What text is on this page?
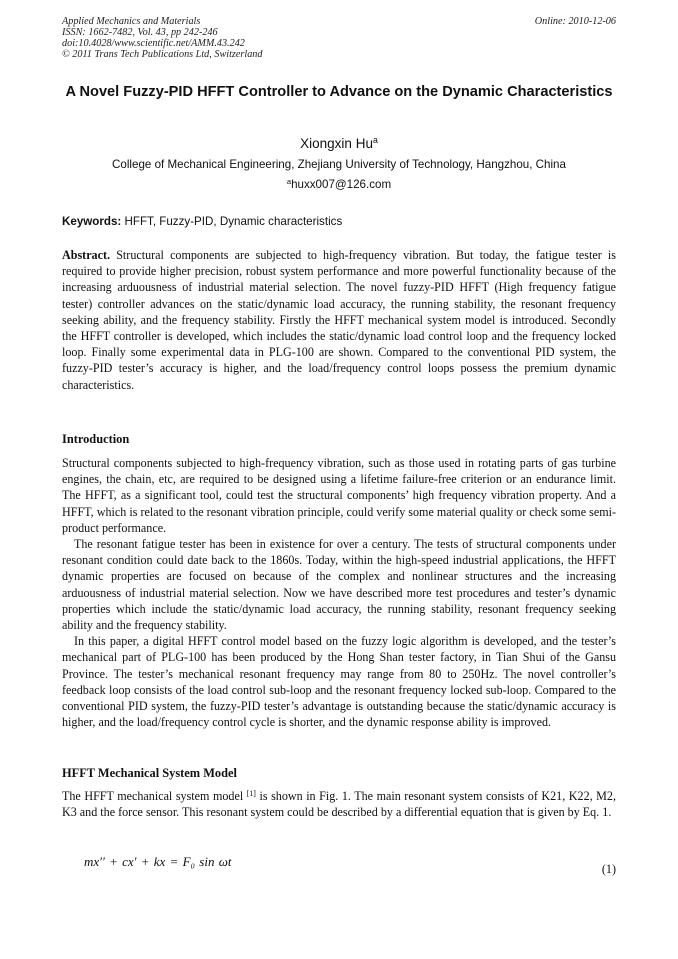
Applied Mechanics and Materials
ISSN: 1662-7482, Vol. 43, pp 242-246
doi:10.4028/www.scientific.net/AMM.43.242
© 2011 Trans Tech Publications Ltd, Switzerland
Online: 2010-12-06
A Novel Fuzzy-PID HFFT Controller to Advance on the Dynamic Characteristics
Xiongxin Hu$^a$
College of Mechanical Engineering, Zhejiang University of Technology, Hangzhou, China
$^a$huxx007@126.com
Keywords: HFFT, Fuzzy-PID, Dynamic characteristics
Abstract. Structural components are subjected to high-frequency vibration. But today, the fatigue tester is required to provide higher precision, robust system performance and more powerful functionality because of the increasing arduousness of industrial material selection. The novel fuzzy-PID HFFT (High frequency fatigue tester) controller advances on the static/dynamic load accuracy, the running stability, the resonant frequency seeking ability, and the frequency stability. Firstly the HFFT mechanical system model is introduced. Secondly the HFFT controller is developed, which includes the static/dynamic load control loop and the frequency locked loop. Finally some experimental data in PLG-100 are shown. Compared to the conventional PID system, the fuzzy-PID tester’s accuracy is higher, and the load/frequency control loops possess the premium dynamic characteristics.
Introduction

Structural components subjected to high-frequency vibration, such as those used in rotating parts of gas turbine engines, the chain, etc, are required to be designed using a lifetime failure-free criterion or an endurance limit. The HFFT, as a significant tool, could test the structural components’ high frequency vibration property. And a HFFT, which is related to the resonant vibration principle, could verify some material quality or check some semi-product performance.

The resonant fatigue tester has been in existence for over a century. The tests of structural components under resonant condition could date back to the 1860s. Today, within the high-speed industrial applications, the HFFT dynamic properties are focused on because of the complex and nonlinear structures and the increasing arduousness of industrial material selection. Now we have described more test procedures and tester’s dynamic properties which include the static/dynamic load accuracy, the running stability, resonant frequency seeking ability and the frequency stability.

In this paper, a digital HFFT control model based on the fuzzy logic algorithm is developed, and the tester’s mechanical part of PLG-100 has been produced by the Hong Shan tester factory, in Tian Shui of the Gansu Province. The tester’s mechanical resonant frequency may range from 80 to 250Hz. The novel controller’s feedback loop consists of the load control sub-loop and the resonant frequency locked sub-loop. Compared to the conventional PID system, the fuzzy-PID tester’s advantage is outstanding because the static/dynamic accuracy is higher, and the load/frequency control cycle is shorter, and the dynamic response ability is improved.

HFFT Mechanical System Model
The HFFT mechanical system model [1] is shown in Fig. 1. The main resonant system consists of K21, K22, M2, K3 and the force sensor. This resonant system could be described by a differential equation that is given by Eq. 1.
mx′′ + cx′ + kx = F₀ sin ωt	(1)
